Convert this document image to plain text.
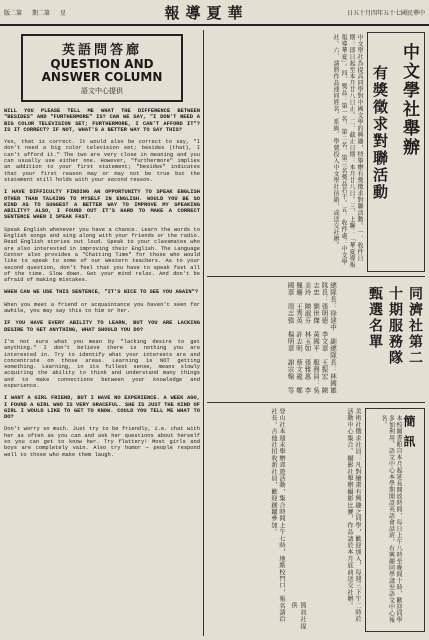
版二第 期二第 星	報導夏華	日五十月四年五十七國民華中
英語問答廊
QUESTION AND ANSWER COLUMN
語文中心提供

WILL YOU PLEASE TELL ME WHAT THE DIFFERENCE BETWEEN "BESIDES" AND "FURTHERMORE" IS? CAN WE SAY, "I DON'T NEED A BIG COLOR TELEVISION SET; FURTHERMORE, I CAN'T AFFORD IT"? IS IT CORRECT? IF NOT, WHAT'S A BETTER WAY TO SAY THIS?

Yes, that is correct. It would also be correct to say, "I don't need a big color television set; besides (that), I can't afford it." The two are very close in meaning and you can usually use either one. However, "furthermore" implies an addition to your first statement; "besides" indicates that your first reason may or may not be true but the statement still holds with your second reason.

I HAVE DIFFICULTY FINDING AN OPPORTUNITY TO SPEAK ENGLISH OTHER THAN TALKING TO MYSELF IN ENGLISH. WOULD YOU BE SO KIND AS TO SUGGEST A BETTER WAY TO IMPROVE MY SPEAKING ABILITY? ALSO, I FOUND OUT IT'S HARD TO MAKE A CORRECT SENTENCE WHEN I SPEAK FAST.

Speak English whenever you have a chance. Learn the words to English songs and sing along with your friends or the radio. Read English stories out loud. Speak to your classmates who are also interested in improving their English. The Language Center also provides a "Chatting Time" for those who would like to speak to some of our Western teachers. As to your second question, don't feel that you have to speak fast all of the time. Slow down. Get your mind relax. And don't be afraid of making mistakes.

WHEN CAN WE USE THIS SENTENCE, "IT'S NICE TO SEE YOU AGAIN"?

When you meet a friend or acquaintance you haven't seen for awhile, you may say this to him or her.

IF YOU HAVE EVERY ABILITY TO LEARN, BUT YOU ARE LACKING DESIRE TO GET ANYTHING, WHAT SHOULD YOU DO?

I'm not sure what you mean by "lacking desire to get anything." I don't believe there is nothing you are interested in. Try to identify what your interests are and concentrate on those areas. Learning is NOT getting something. Learning, in its fullest sense, means slowly acquiring the ability to think and understand many things and to make connections between your knowledge and experience.

I WANT A GIRL FRIEND, BUT I HAVE NO EXPERIENCE. A WEEK AGO, I FOUND A GIRL WHO IS VERY GRACEFUL. SHE IS JUST THE KIND OF GIRL I WOULD LIKE TO GET TO KNOW. COULD YOU TELL ME WHAT TO DO?

Don't worry so much. Just try to be friendly, i.e. chat with her as often as you can and ask her questions about herself so you can get to know her. Try flattery! Most girls and boys are completely vain. Also try humor — people respond well to those who make them laugh.

中文學社舉辦
有獎徵求對聯活動
中文學社為提高同學對中國文學的興趣，特舉辦有獎徵求對聯活動。一、收件日期：即日起至本月廿八日止。二、截止日期：本月廿八日。三、上聯：「華夏導報報導華夏」。四、獎品：第一名、第二名、第三名獎品若干。五、收件處：中文學社。六、請將作品連同姓名、系級、學號投入中文學社信箱，或送交社辦。
同濟社第二十期服務隊甄選名單
總隊長：徐建中　副總隊長：林國雄　隊長：張明德　李文華　王振宏　陳志忠　劉世傑　黃國平　服務員：吳美玲　陳淑芬　林玉如　張雅惠　李佩珊　王秀英　許志明　蔡文龍　鄭國華　周志強　楊明華　謝宗翰　等
簡訊
本校圖書館自本月起延長開放時間，每日上午八時至晚間十時，歡迎同學多加利用。語文中心本學期開設英語會話班，有興趣同學請至語文中心報名。
美術社徵求社員：凡對繪畫有興趣之同學，歡迎加入，每週三下午二時於活動中心集合。攝影社舉辦攝影比賽，作品請於本月底前送交社辦。
登山社本週末舉辦郊遊活動，集合時間上午七時，地點校門口，報名請洽社長。吉他社招收新社員，歡迎踴躍參加。
簡訊社提供
